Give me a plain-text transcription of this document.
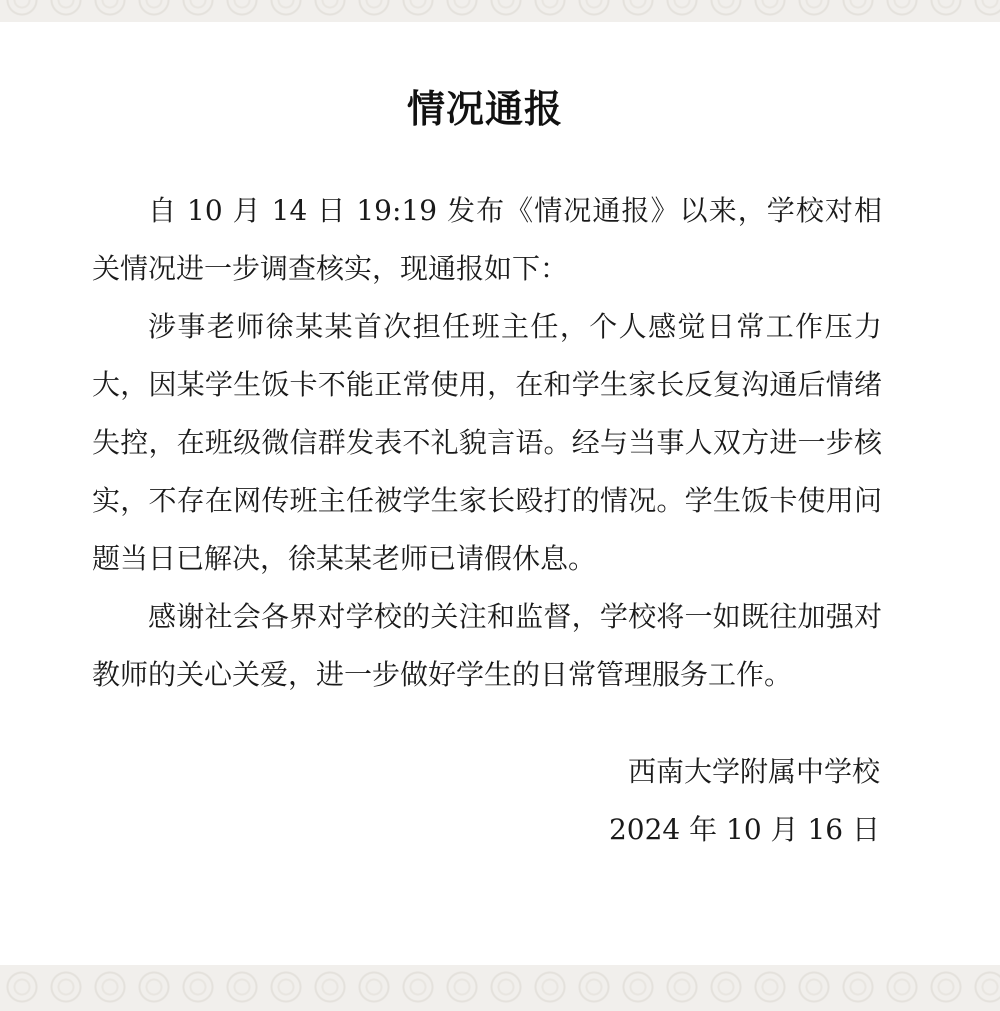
情况通报

自 10 月 14 日 19:19 发布《情况通报》以来，学校对相关情况进一步调查核实，现通报如下：

涉事老师徐某某首次担任班主任，个人感觉日常工作压力大，因某学生饭卡不能正常使用，在和学生家长反复沟通后情绪失控，在班级微信群发表不礼貌言语。经与当事人双方进一步核实，不存在网传班主任被学生家长殴打的情况。学生饭卡使用问题当日已解决，徐某某老师已请假休息。

感谢社会各界对学校的关注和监督，学校将一如既往加强对教师的关心关爱，进一步做好学生的日常管理服务工作。

西南大学附属中学校
2024 年 10 月 16 日
